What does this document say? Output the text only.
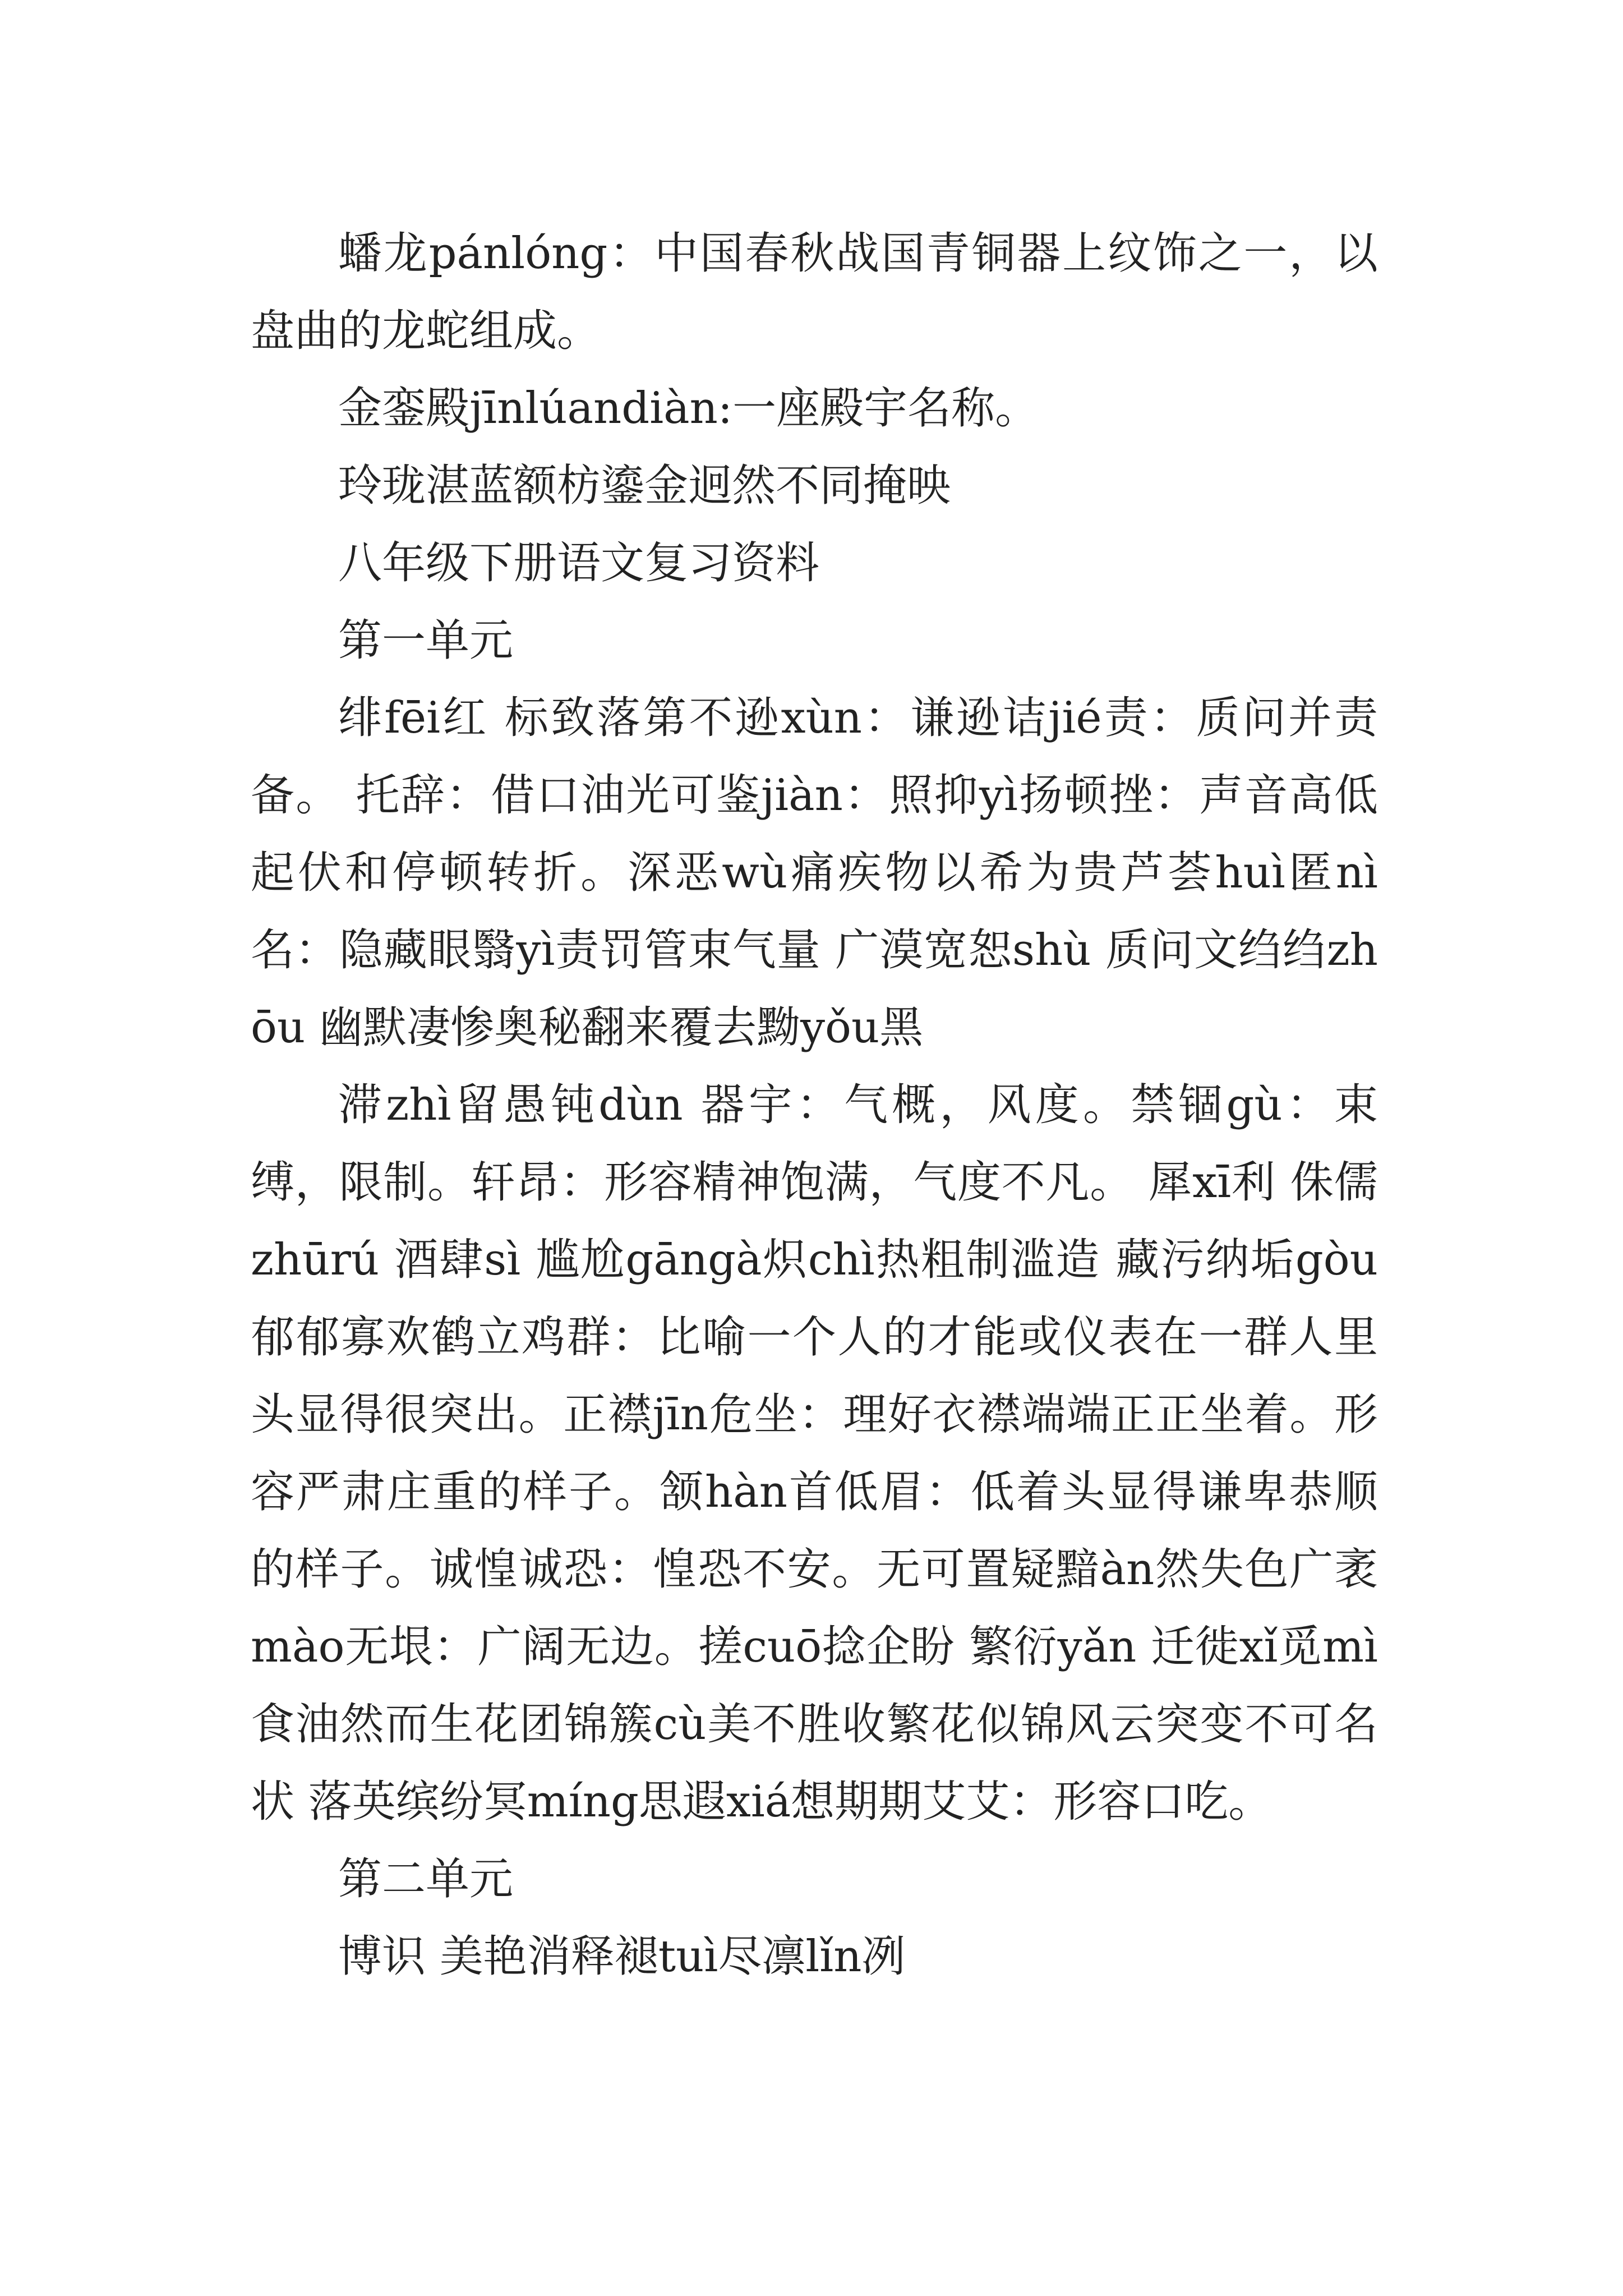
蟠龙pánlóng：中国春秋战国青铜器上纹饰之一，以盘曲的龙蛇组成。

金銮殿jīnlúandiàn:一座殿宇名称。

玲珑湛蓝额枋鎏金迥然不同掩映

八年级下册语文复习资料

第一单元

绯fēi红 标致落第不逊xùn：谦逊诘jié责：质问并责备。 托辞：借口油光可鉴jiàn：照抑yì扬顿挫：声音高低起伏和停顿转折。深恶wù痛疾物以希为贵芦荟huì匿nì名：隐藏眼翳yì责罚管束气量 广漠宽恕shù 质问文绉绉zhōu 幽默凄惨奥秘翻来覆去黝yǒu黑

滞zhì留愚钝dùn 器宇：气概，风度。禁锢gù：束缚，限制。轩昂：形容精神饱满，气度不凡。 犀xī利 侏儒zhūrú 酒肆sì 尴尬gāngà炽chì热粗制滥造 藏污纳垢gòu 郁郁寡欢鹤立鸡群：比喻一个人的才能或仪表在一群人里头显得很突出。正襟jīn危坐：理好衣襟端端正正坐着。形容严肃庄重的样子。颔hàn首低眉：低着头显得谦卑恭顺的样子。诚惶诚恐：惶恐不安。无可置疑黯àn然失色广袤mào无垠：广阔无边。搓cuō捻企盼 繁衍yǎn 迁徙xǐ觅mì食油然而生花团锦簇cù美不胜收繁花似锦风云突变不可名状 落英缤纷冥míng思遐xiá想期期艾艾：形容口吃。

第二单元

博识 美艳消释褪tuì尽凛lǐn冽
